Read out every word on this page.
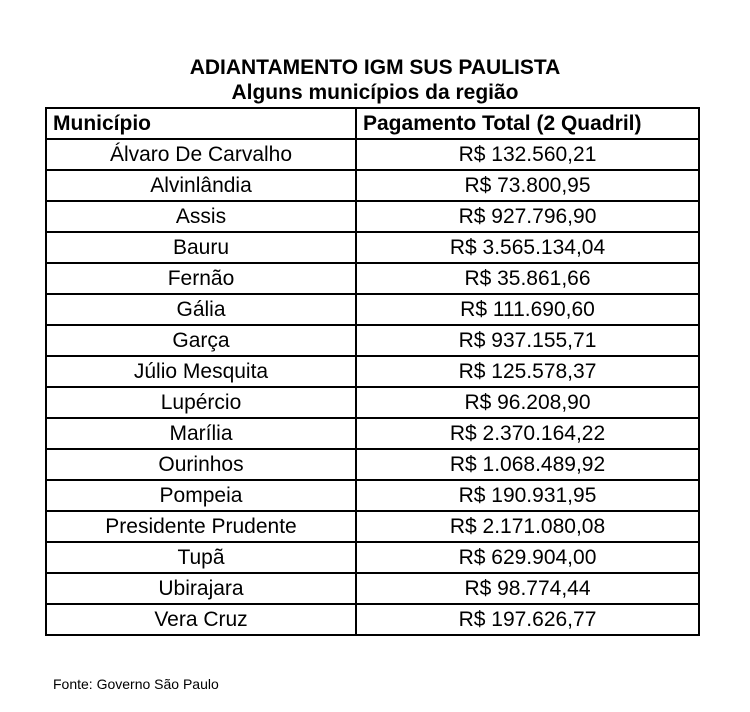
ADIANTAMENTO IGM SUS PAULISTA
Alguns municípios da região
Município	Pagamento Total (2 Quadril)
Álvaro De Carvalho	R$ 132.560,21
Alvinlândia	R$ 73.800,95
Assis	R$ 927.796,90
Bauru	R$ 3.565.134,04
Fernão	R$ 35.861,66
Gália	R$ 111.690,60
Garça	R$ 937.155,71
Júlio Mesquita	R$ 125.578,37
Lupércio	R$ 96.208,90
Marília	R$ 2.370.164,22
Ourinhos	R$ 1.068.489,92
Pompeia	R$ 190.931,95
Presidente Prudente	R$ 2.171.080,08
Tupã	R$ 629.904,00
Ubirajara	R$ 98.774,44
Vera Cruz	R$ 197.626,77
Fonte: Governo São Paulo
